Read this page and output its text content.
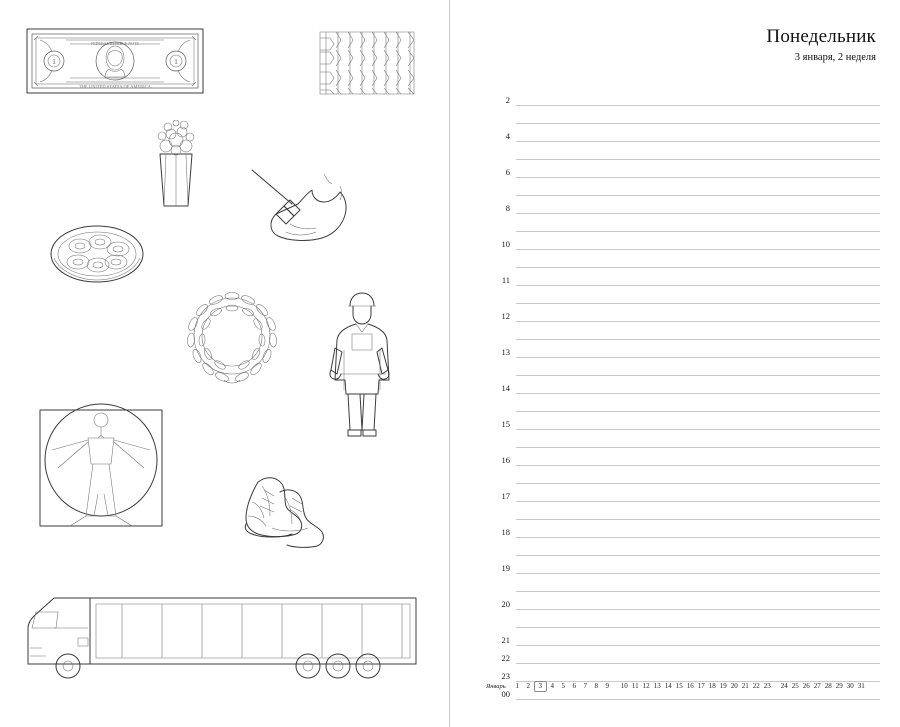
1	1
THE UNITED STATES OF AMERICA
FEDERAL RESERVE NOTE	Понедельник
3 января, 2 неделя
2
4
6
8
10
11
12
13
14
15
16
17
18
19
20
21
22
23
00
Январь	1	2	3	4	5	6	7	8	9	10 11 12 13 14 15 16 17 18 19 20 21 22 23 24 25 26 27 28 29 30 31
